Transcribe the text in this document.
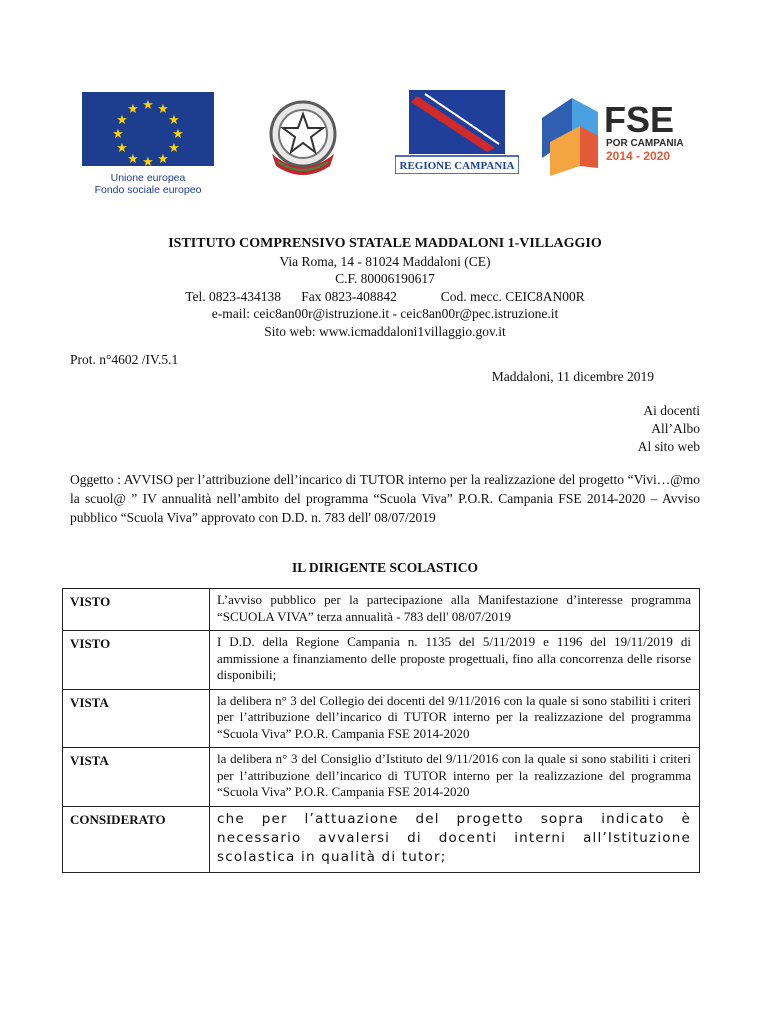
★ ★
★
★
★
★
★
★
★
★
★
★
Unione europea
Fondo sociale europeo
REGIONE CAMPANIA
FSE
POR CAMPANIA
2014 - 2020
ISTITUTO COMPRENSIVO STATALE MADDALONI 1-VILLAGGIO
Via Roma, 14 - 81024 Maddaloni (CE)
C.F. 80006190617
Tel. 0823-434138 Fax 0823-408842	Cod. mecc. CEIC8AN00R
e-mail: ceic8an00r@istruzione.it - ceic8an00r@pec.istruzione.it
Sito web: www.icmaddaloni1villaggio.gov.it
Prot. n°4602 /IV.5.1
Maddaloni, 11 dicembre 2019
Ai docenti
All’Albo
Al sito web
Oggetto : AVVISO per l’attribuzione dell’incarico di TUTOR interno per la realizzazione del progetto “Vivi…@mo la scuol@ ” IV annualità nell’ambito del programma “Scuola Viva” P.O.R. Campania FSE 2014-2020 – Avviso pubblico “Scuola Viva” approvato con D.D. n. 783 dell' 08/07/2019
IL DIRIGENTE SCOLASTICO
VISTO	L’avviso pubblico per la partecipazione alla Manifestazione d’interesse programma “SCUOLA VIVA” terza annualità - 783 dell' 08/07/2019
VISTO	I D.D. della Regione Campania n. 1135 del 5/11/2019 e 1196 del 19/11/2019 di ammissione a finanziamento delle proposte progettuali, fino alla concorrenza delle risorse disponibili;
VISTA	la delibera n° 3 del Collegio dei docenti del 9/11/2016 con la quale si sono stabiliti i criteri per l’attribuzione dell’incarico di TUTOR interno per la realizzazione del programma “Scuola Viva” P.O.R. Campania FSE 2014-2020
VISTA	la delibera n° 3 del Consiglio d’Istituto del 9/11/2016 con la quale si sono stabiliti i criteri per l’attribuzione dell’incarico di TUTOR interno per la realizzazione del programma “Scuola Viva” P.O.R. Campania FSE 2014-2020
CONSIDERATO	che per l’attuazione del progetto sopra indicato è necessario avvalersi di docenti interni all’Istituzione scolastica in qualità di tutor;
